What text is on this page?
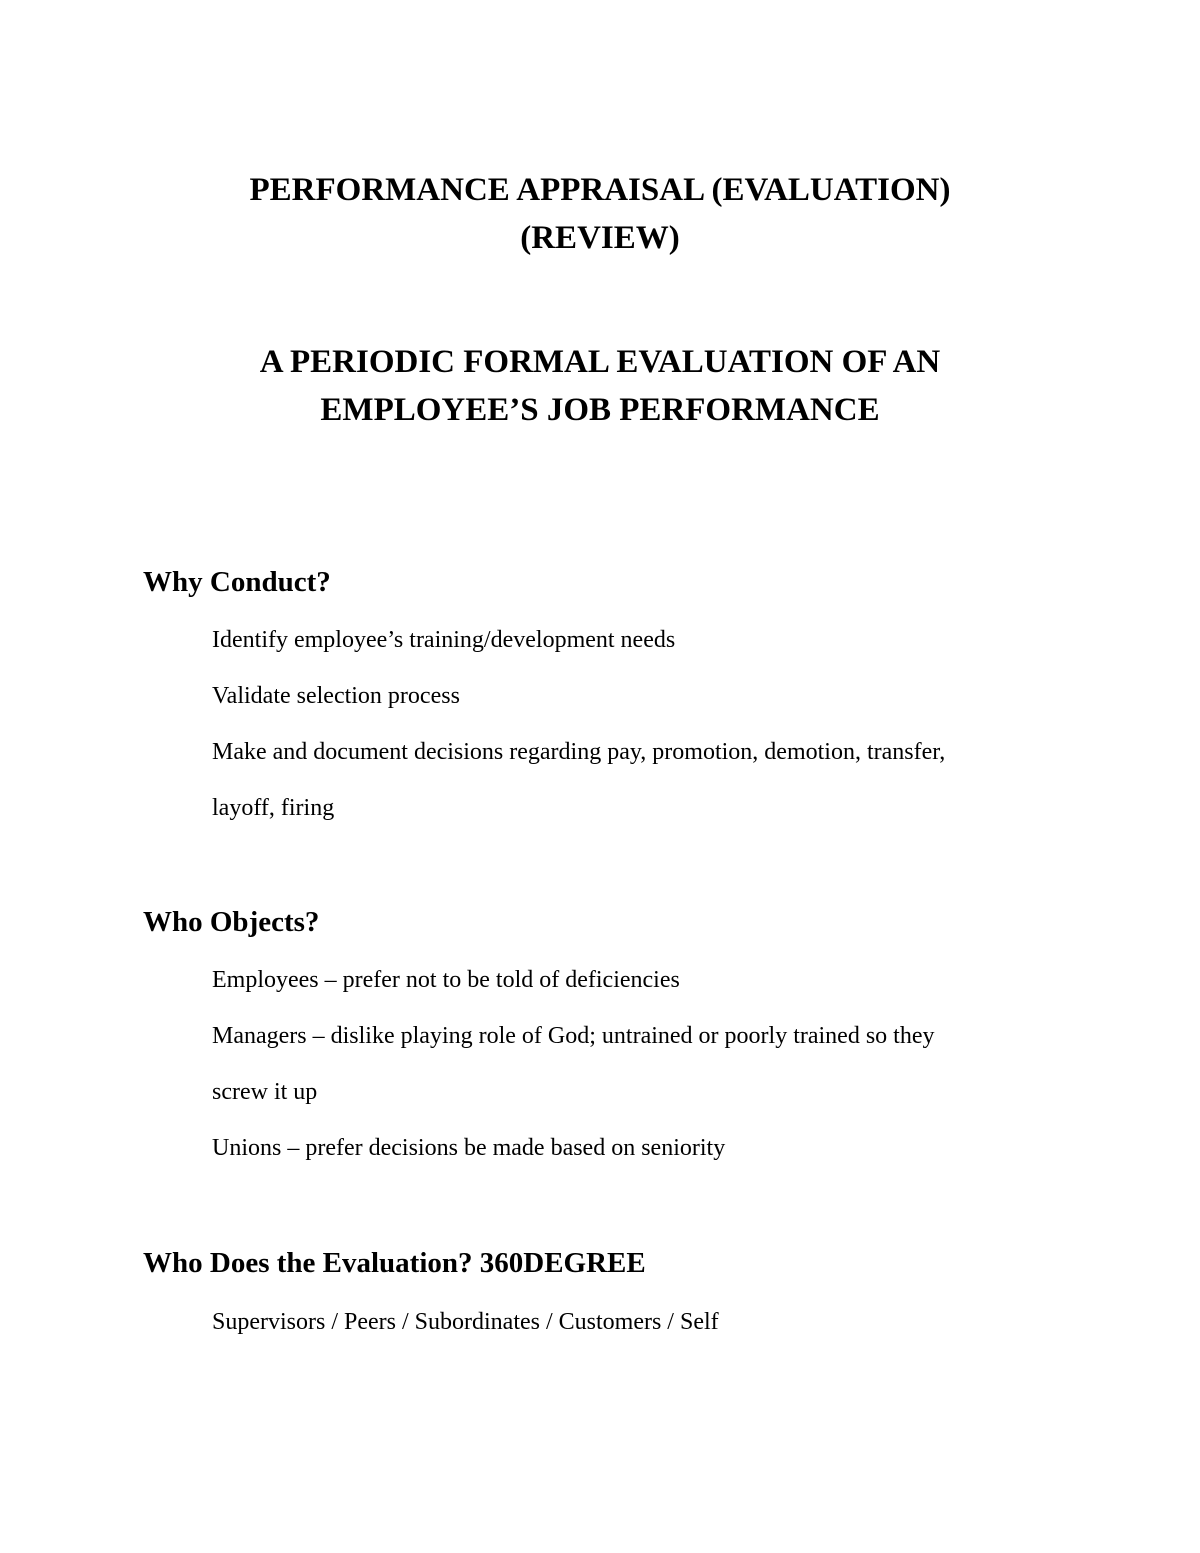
PERFORMANCE APPRAISAL (EVALUATION)
(REVIEW)
A PERIODIC FORMAL EVALUATION OF AN
EMPLOYEE’S JOB PERFORMANCE
Why Conduct?
Identify employee’s training/development needs
Validate selection process
Make and document decisions regarding pay, promotion, demotion, transfer,
layoff, firing
Who Objects?
Employees – prefer not to be told of deficiencies
Managers – dislike playing role of God; untrained or poorly trained so they
screw it up
Unions – prefer decisions be made based on seniority
Who Does the Evaluation? 360DEGREE
Supervisors / Peers / Subordinates / Customers / Self
